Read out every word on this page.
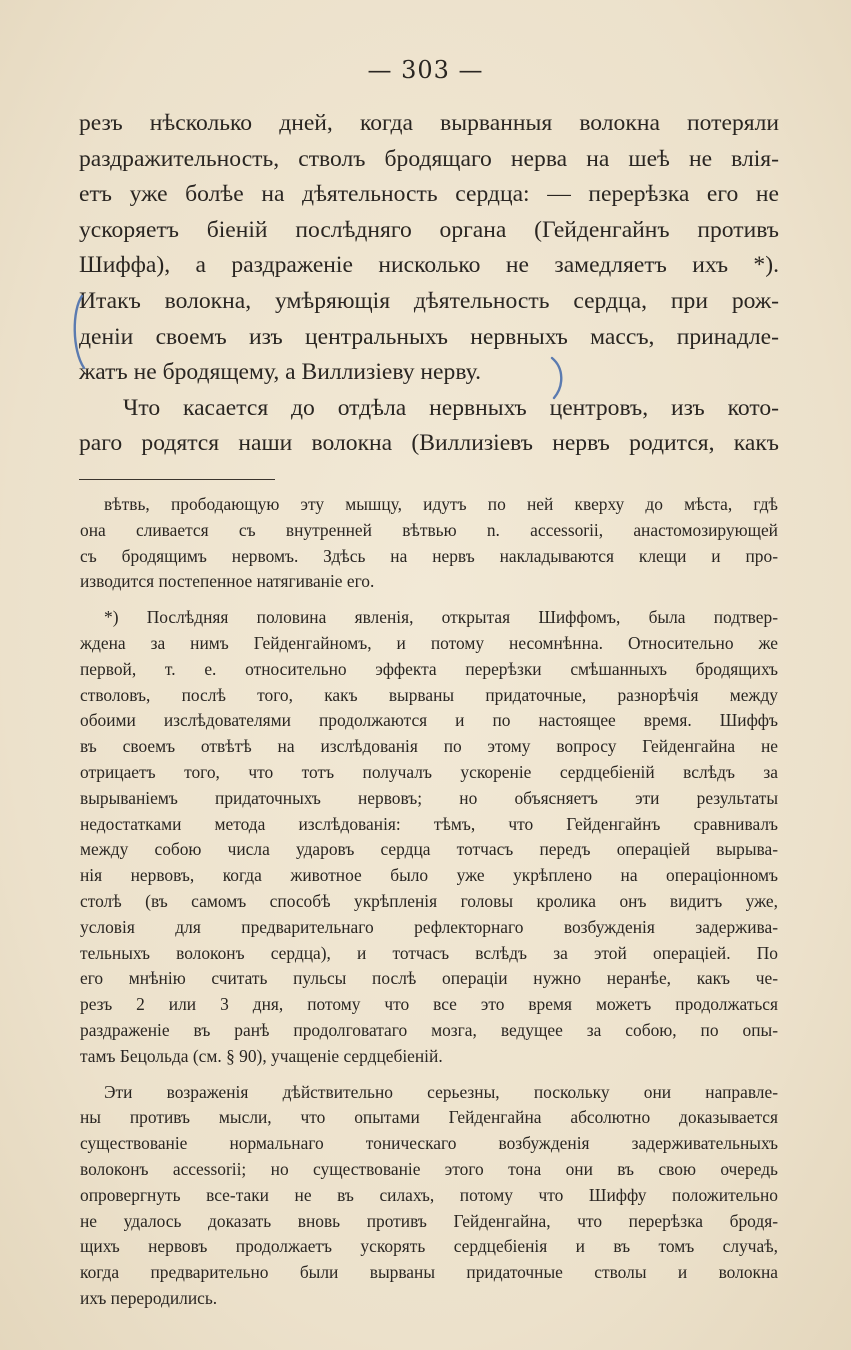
— 303 —
резъ нѣсколько дней, когда вырванныя волокна потеряли
раздражительность, стволъ бродящаго нерва на шеѣ не влія-
етъ уже болѣе на дѣятельность сердца: — перерѣзка его не
ускоряетъ біеній послѣдняго органа (Гейденгайнъ противъ
Шиффа), а раздраженіе нисколько не замедляетъ ихъ *).
Итакъ волокна, умѣряющія дѣятельность сердца, при рож-
деніи своемъ изъ центральныхъ нервныхъ массъ, принадле-
жатъ не бродящему, а Виллизіеву нерву.
Что касается до отдѣла нервныхъ центровъ, изъ кото-
раго родятся наши волокна (Виллизіевъ нервъ родится, какъ
вѣтвь, прободающую эту мышцу, идутъ по ней кверху до мѣста, гдѣ
она сливается съ внутренней вѣтвью n. accessorii, анастомозирующей
съ бродящимъ нервомъ. Здѣсь на нервъ накладываются клещи и про-
изводится постепенное натягиваніе его.
*) Послѣдняя половина явленія, открытая Шиффомъ, была подтвер-
ждена за нимъ Гейденгайномъ, и потому несомнѣнна. Относительно же
первой, т. е. относительно эффекта перерѣзки смѣшанныхъ бродящихъ
стволовъ, послѣ того, какъ вырваны придаточные, разнорѣчія между
обоими изслѣдователями продолжаются и по настоящее время. Шиффъ
въ своемъ отвѣтѣ на изслѣдованія по этому вопросу Гейденгайна не
отрицаетъ того, что тотъ получалъ ускореніе сердцебіеній вслѣдъ за
вырываніемъ придаточныхъ нервовъ; но объясняетъ эти результаты
недостатками метода изслѣдованія: тѣмъ, что Гейденгайнъ сравнивалъ
между собою числа ударовъ сердца тотчасъ передъ операціей вырыва-
нія нервовъ, когда животное было уже укрѣплено на операціонномъ
столѣ (въ самомъ способѣ укрѣпленія головы кролика онъ видитъ уже,
условія для предварительнаго рефлекторнаго возбужденія задержива-
тельныхъ волоконъ сердца), и тотчасъ вслѣдъ за этой операціей. По
его мнѣнію считать пульсы послѣ операціи нужно неранѣе, какъ че-
резъ 2 или 3 дня, потому что все это время можетъ продолжаться
раздраженіе въ ранѣ продолговатаго мозга, ведущее за собою, по опы-
тамъ Бецольда (см. § 90), учащеніе сердцебіеній.
Эти возраженія дѣйствительно серьезны, поскольку они направле-
ны противъ мысли, что опытами Гейденгайна абсолютно доказывается
существованіе нормальнаго тоническаго возбужденія задерживательныхъ
волоконъ accessorii; но существованіе этого тона они въ свою очередь
опровергнуть все-таки не въ силахъ, потому что Шиффу положительно
не удалось доказать вновь противъ Гейденгайна, что перерѣзка бродя-
щихъ нервовъ продолжаетъ ускорять сердцебіенія и въ томъ случаѣ,
когда предварительно были вырваны придаточные стволы и волокна
ихъ переродились.
